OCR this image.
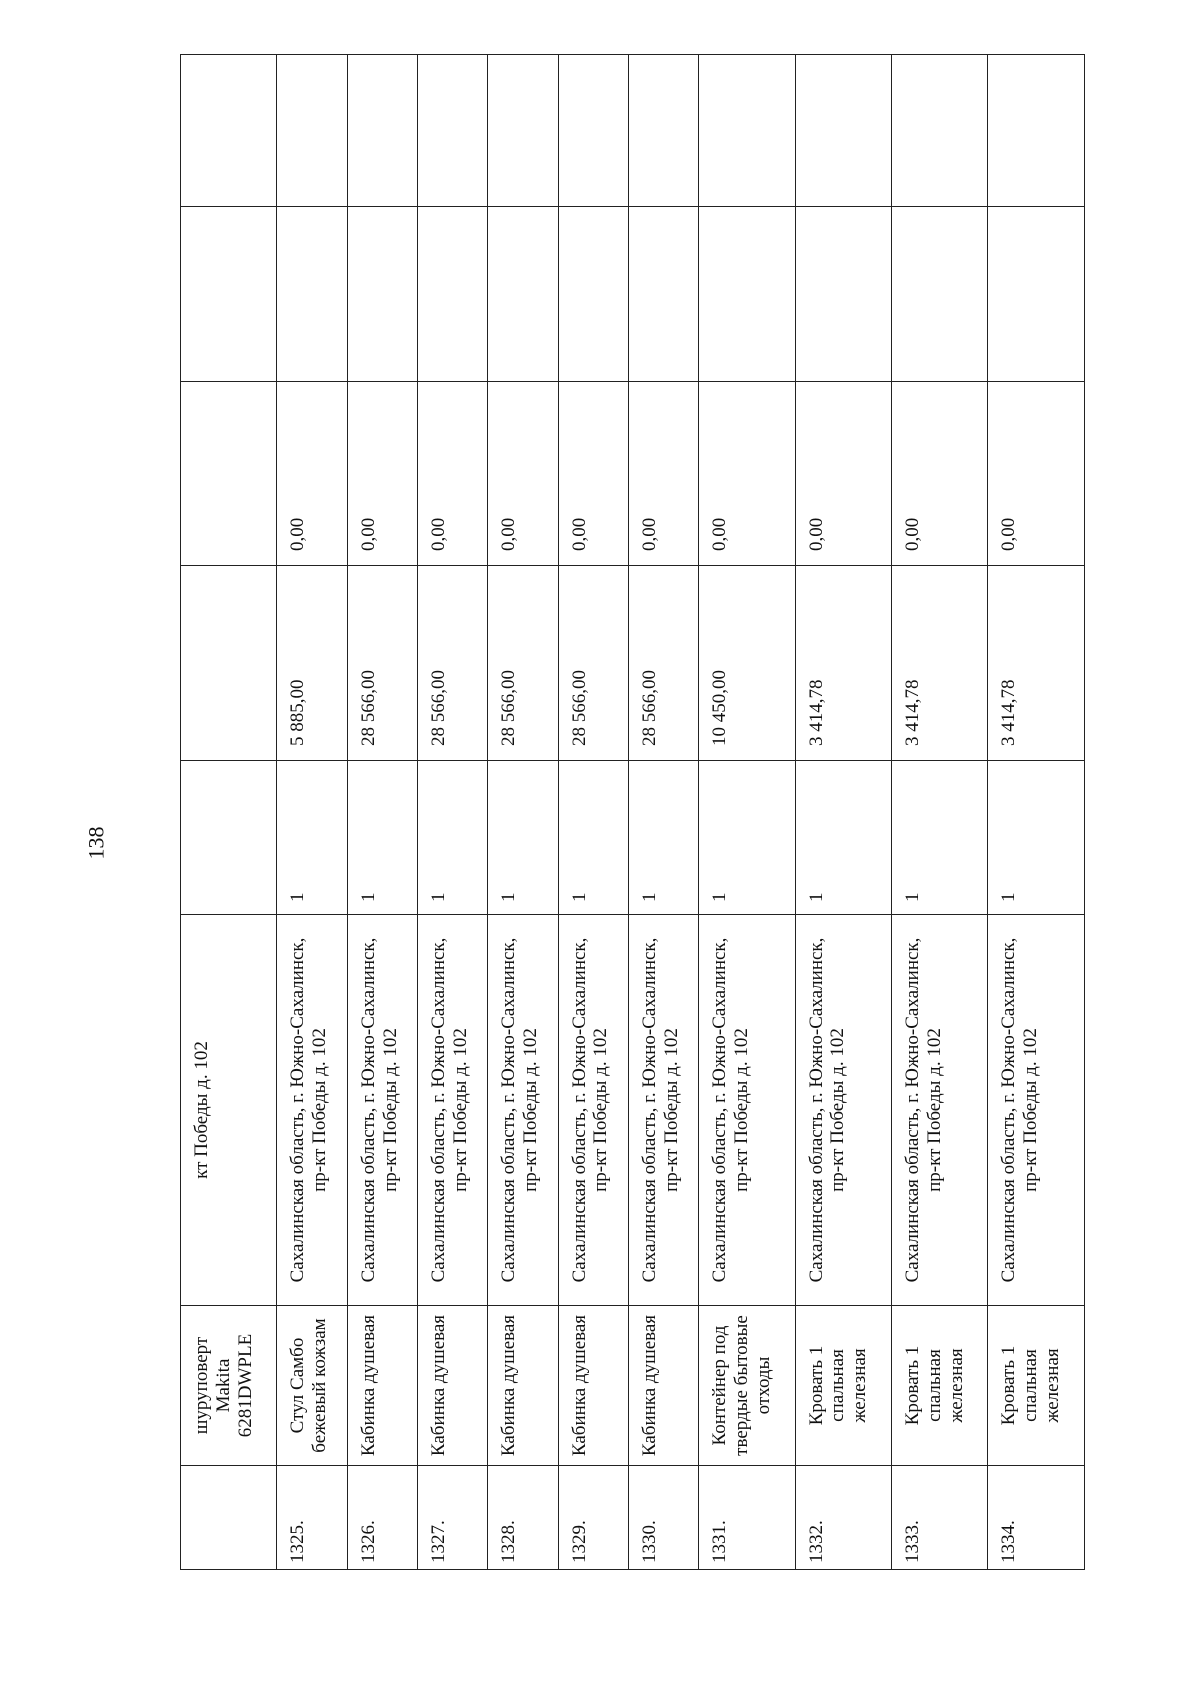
138
	шуруповерт Makita 6281DWPLE	кт Победы д. 102					
1325.	Стул Самбо бежевый кожзам	Сахалинская область, г. Южно-Сахалинск, пр-кт Победы д. 102	1	5 885,00	0,00		
1326.	Кабинка душевая	Сахалинская область, г. Южно-Сахалинск, пр-кт Победы д. 102	1	28 566,00	0,00		
1327.	Кабинка душевая	Сахалинская область, г. Южно-Сахалинск, пр-кт Победы д. 102	1	28 566,00	0,00		
1328.	Кабинка душевая	Сахалинская область, г. Южно-Сахалинск, пр-кт Победы д. 102	1	28 566,00	0,00		
1329.	Кабинка душевая	Сахалинская область, г. Южно-Сахалинск, пр-кт Победы д. 102	1	28 566,00	0,00		
1330.	Кабинка душевая	Сахалинская область, г. Южно-Сахалинск, пр-кт Победы д. 102	1	28 566,00	0,00		
1331.	Контейнер под твердые бытовые отходы	Сахалинская область, г. Южно-Сахалинск, пр-кт Победы д. 102	1	10 450,00	0,00		
1332.	Кровать 1 спальная железная	Сахалинская область, г. Южно-Сахалинск, пр-кт Победы д. 102	1	3 414,78	0,00		
1333.	Кровать 1 спальная железная	Сахалинская область, г. Южно-Сахалинск, пр-кт Победы д. 102	1	3 414,78	0,00		
1334.	Кровать 1 спальная железная	Сахалинская область, г. Южно-Сахалинск, пр-кт Победы д. 102	1	3 414,78	0,00		
